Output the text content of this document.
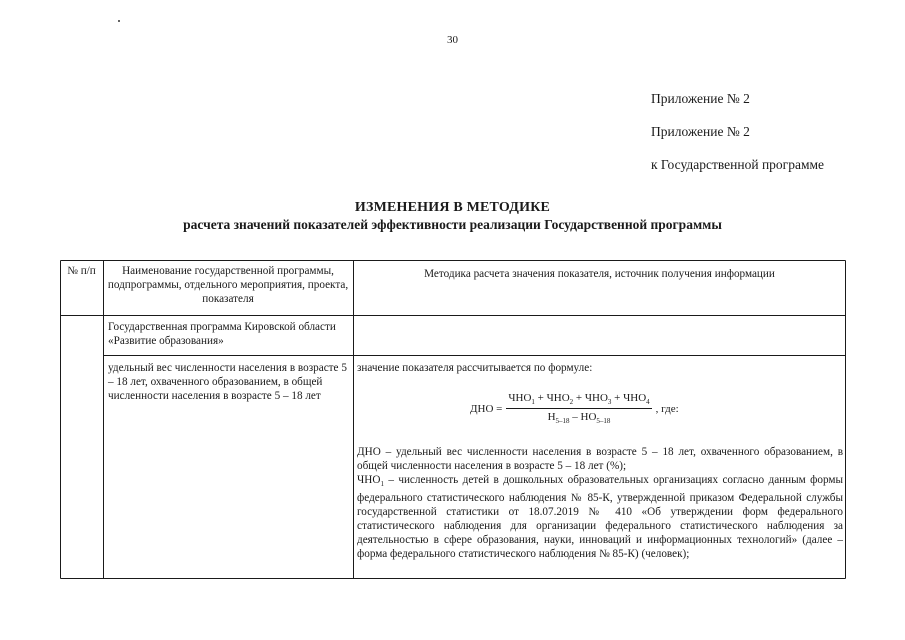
30
Приложение № 2
Приложение № 2
к Государственной программе
ИЗМЕНЕНИЯ В МЕТОДИКЕ
расчета значений показателей эффективности реализации Государственной программы
№ п/п	Наименование государственной программы, подпрограммы, отдельного мероприятия, проекта, показателя
Методика расчета значения показателя, источник получения информации
Государственная программа Кировской области «Развитие образования»
удельный вес численности населения в возрасте 5 – 18 лет, охваченного образованием, в общей численности населения в возрасте 5 – 18 лет
значение показателя рассчитывается по формуле:
ДНО = $\frac{ЧНО_1 + ЧНО_2 + ЧНО_3 + ЧНО_4}{Н_{5-18} - НО_{5-18}}$ , где:

ДНО – удельный вес численности населения в возрасте 5 – 18 лет, охваченного образованием, в общей численности населения в возрасте 5 – 18 лет (%);

$ЧНО_1$ – численность детей в дошкольных образовательных организациях согласно данным формы федерального статистического наблюдения № 85-К, утвержденной приказом Федеральной службы государственной статистики от 18.07.2019 № 410 «Об утверждении форм федерального статистического наблюдения для организации федерального статистического наблюдения за деятельностью в сфере образования, науки, инноваций и информационных технологий» (далее – форма федерального статистического наблюдения № 85-К) (человек);
